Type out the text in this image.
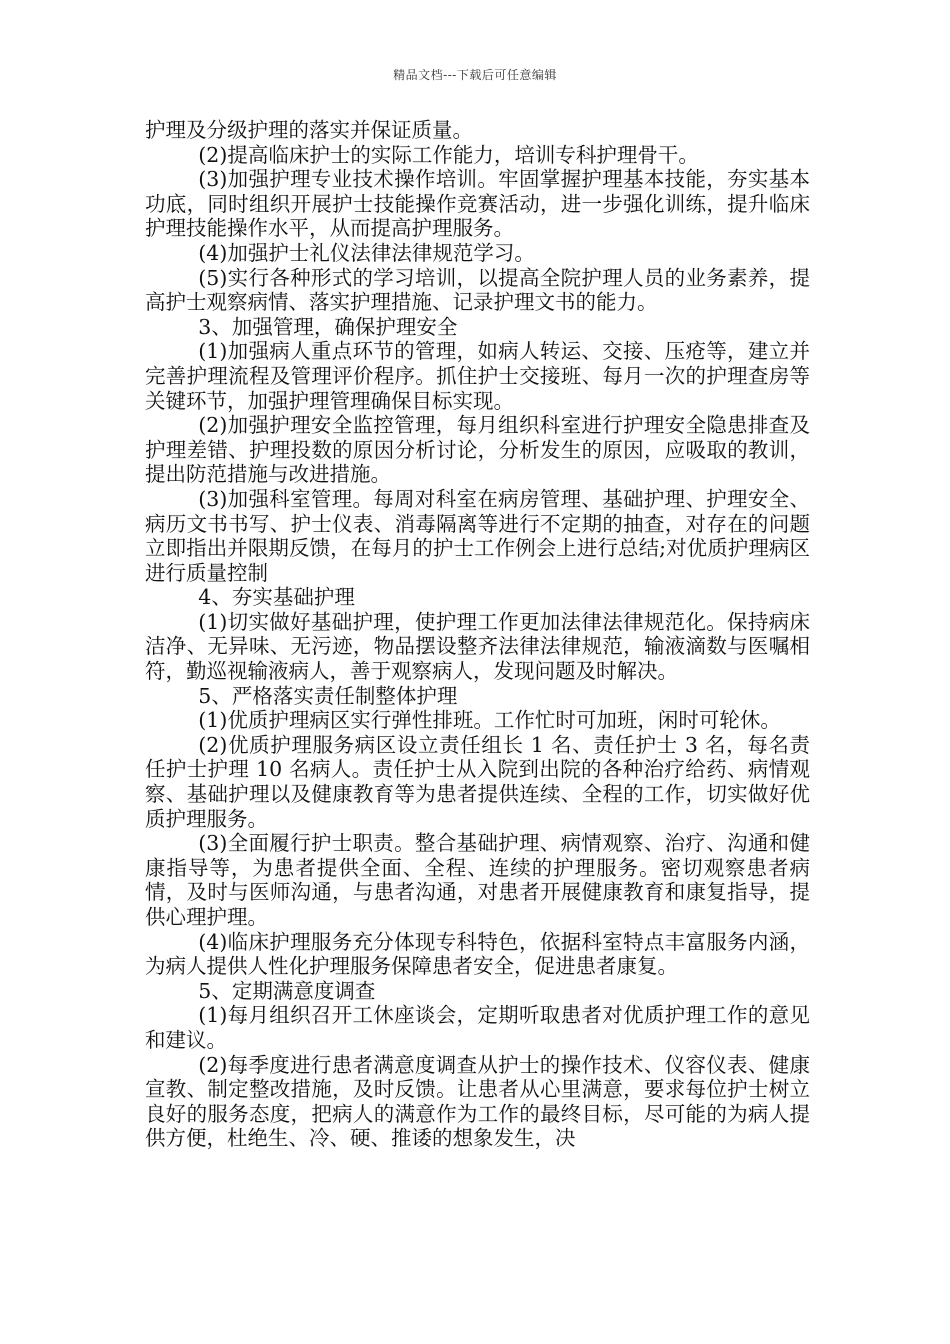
精品文档---下载后可任意编辑

护理及分级护理的落实并保证质量。

(2)提高临床护士的实际工作能力，培训专科护理骨干。

(3)加强护理专业技术操作培训。牢固掌握护理基本技能，夯实基本功底，同时组织开展护士技能操作竞赛活动，进一步强化训练，提升临床护理技能操作水平，从而提高护理服务。

(4)加强护士礼仪法律法律规范学习。

(5)实行各种形式的学习培训，以提高全院护理人员的业务素养，提高护士观察病情、落实护理措施、记录护理文书的能力。

3、加强管理，确保护理安全

(1)加强病人重点环节的管理，如病人转运、交接、压疮等，建立并完善护理流程及管理评价程序。抓住护士交接班、每月一次的护理查房等关键环节，加强护理管理确保目标实现。

(2)加强护理安全监控管理，每月组织科室进行护理安全隐患排查及护理差错、护理投数的原因分析讨论，分析发生的原因，应吸取的教训，提出防范措施与改进措施。

(3)加强科室管理。每周对科室在病房管理、基础护理、护理安全、病历文书书写、护士仪表、消毒隔离等进行不定期的抽查，对存在的问题立即指出并限期反馈，在每月的护士工作例会上进行总结;对优质护理病区进行质量控制

4、夯实基础护理

(1)切实做好基础护理，使护理工作更加法律法律规范化。保持病床洁净、无异味、无污迹，物品摆设整齐法律法律规范，输液滴数与医嘱相符，勤巡视输液病人，善于观察病人，发现问题及时解决。

5、严格落实责任制整体护理

(1)优质护理病区实行弹性排班。工作忙时可加班，闲时可轮休。

(2)优质护理服务病区设立责任组长 1 名、责任护士 3 名，每名责任护士护理 10 名病人。责任护士从入院到出院的各种治疗给药、病情观察、基础护理以及健康教育等为患者提供连续、全程的工作，切实做好优质护理服务。

(3)全面履行护士职责。整合基础护理、病情观察、治疗、沟通和健康指导等，为患者提供全面、全程、连续的护理服务。密切观察患者病情，及时与医师沟通，与患者沟通，对患者开展健康教育和康复指导，提供心理护理。

(4)临床护理服务充分体现专科特色，依据科室特点丰富服务内涵，为病人提供人性化护理服务保障患者安全，促进患者康复。

5、定期满意度调查

(1)每月组织召开工休座谈会，定期听取患者对优质护理工作的意见和建议。

(2)每季度进行患者满意度调查从护士的操作技术、仪容仪表、健康宣教、制定整改措施，及时反馈。让患者从心里满意，要求每位护士树立良好的服务态度，把病人的满意作为工作的最终目标，尽可能的为病人提供方便，杜绝生、冷、硬、推诿的想象发生，决
